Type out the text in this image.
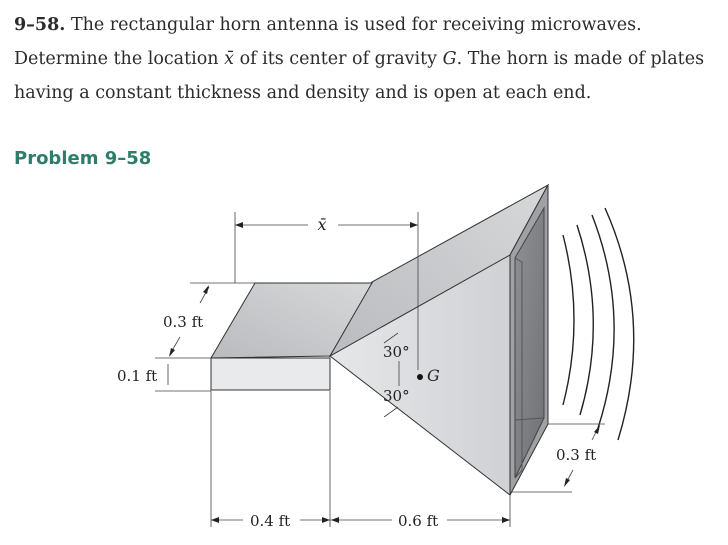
9–58. The rectangular horn antenna is used for receiving microwaves. Determine the location x̄ of its center of gravity G. The horn is made of plates having a constant thickness and density and is open at each end.
Problem 9–58
x̄
0.3 ft
0.1 ft
30°
30°
G
0.3 ft
0.4 ft	0.6 ft
